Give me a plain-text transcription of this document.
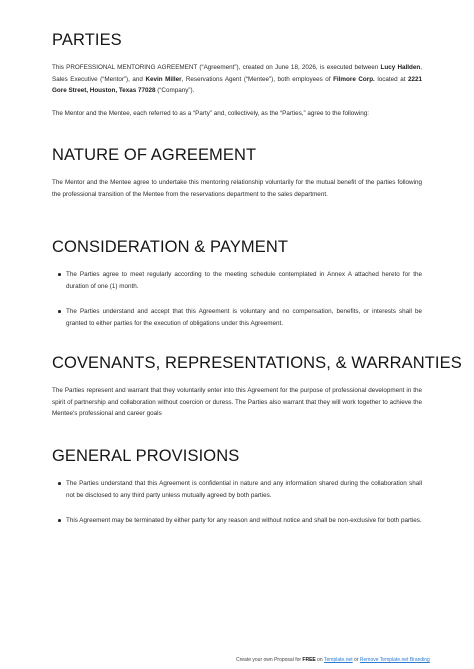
PARTIES

This PROFESSIONAL MENTORING AGREEMENT (“Agreement”), created on June 18, 2026, is executed between Lucy Hallden, Sales Executive (“Mentor”), and Kevin Miller, Reservations Agent (“Mentee”), both employees of Filmore Corp. located at 2221 Gore Street, Houston, Texas 77028 (“Company”).

The Mentor and the Mentee, each referred to as a “Party” and, collectively, as the “Parties,” agree to the following:

NATURE OF AGREEMENT

The Mentor and the Mentee agree to undertake this mentoring relationship voluntarily for the mutual benefit of the parties following the professional transition of the Mentee from the reservations department to the sales department.

CONSIDERATION & PAYMENT
The Parties agree to meet regularly according to the meeting schedule contemplated in Annex A attached hereto for the duration of one (1) month.
The Parties understand and accept that this Agreement is voluntary and no compensation, benefits, or interests shall be granted to either parties for the execution of obligations under this Agreement.
COVENANTS, REPRESENTATIONS, & WARRANTIES

The Parties represent and warrant that they voluntarily enter into this Agreement for the purpose of professional development in the spirit of partnership and collaboration without coercion or duress. The Parties also warrant that they will work together to achieve the Mentee's professional and career goals

GENERAL PROVISIONS
The Parties understand that this Agreement is confidential in nature and any information shared during the collaboration shall not be disclosed to any third party unless mutually agreed by both parties.
This Agreement may be terminated by either party for any reason and without notice and shall be non-exclusive for both parties.
Create your own Proposal for FREE on Template.net or Remove Template.net Branding
